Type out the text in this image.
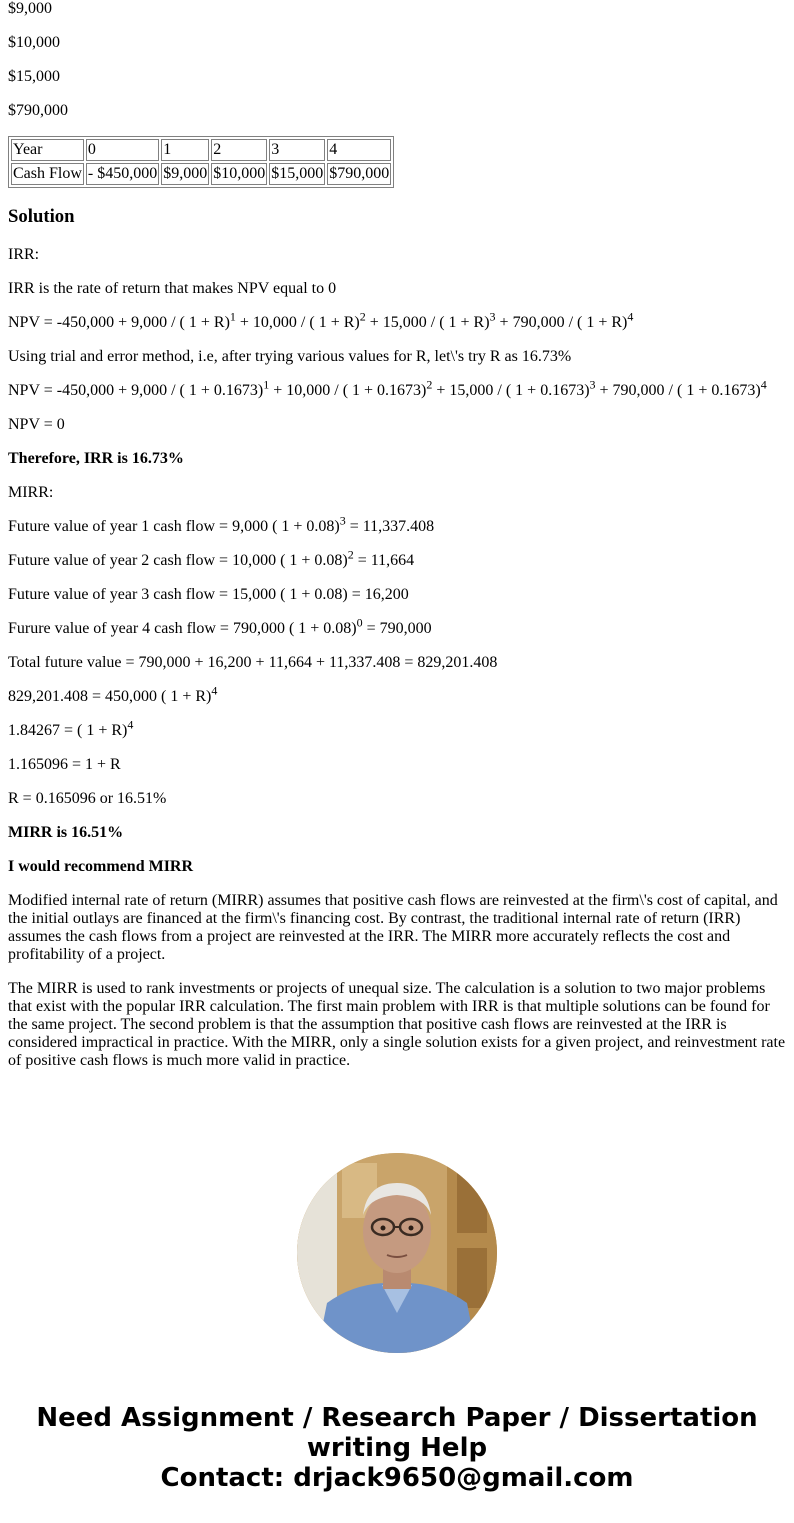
$9,000

$10,000

$15,000

$790,000

Year	0	1	2	3	4
Cash Flow	- $450,000	$9,000	$10,000	$15,000	$790,000
Solution

IRR:

IRR is the rate of return that makes NPV equal to 0

NPV = -450,000 + 9,000 / ( 1 + R)$^1$ + 10,000 / ( 1 + R)$^2$ + 15,000 / ( 1 + R)$^3$ + 790,000 / ( 1 + R)$^4$

Using trial and error method, i.e, after trying various values for R, let\'s try R as 16.73%

NPV = -450,000 + 9,000 / ( 1 + 0.1673)$^1$ + 10,000 / ( 1 + 0.1673)$^2$ + 15,000 / ( 1 + 0.1673)$^3$ + 790,000 / ( 1 + 0.1673)$^4$

NPV = 0

Therefore, IRR is 16.73%

MIRR:

Future value of year 1 cash flow = 9,000 ( 1 + 0.08)$^3$ = 11,337.408

Future value of year 2 cash flow = 10,000 ( 1 + 0.08)$^2$ = 11,664

Future value of year 3 cash flow = 15,000 ( 1 + 0.08) = 16,200

Furure value of year 4 cash flow = 790,000 ( 1 + 0.08)$^0$ = 790,000

Total future value = 790,000 + 16,200 + 11,664 + 11,337.408 = 829,201.408

829,201.408 = 450,000 ( 1 + R)$^4$

1.84267 = ( 1 + R)$^4$

1.165096 = 1 + R

R = 0.165096 or 16.51%

MIRR is 16.51%

I would recommend MIRR

Modified internal rate of return (MIRR) assumes that positive cash flows are reinvested at the firm\'s cost of capital, and the initial outlays are financed at the firm\'s financing cost. By contrast, the traditional internal rate of return (IRR) assumes the cash flows from a project are reinvested at the IRR. The MIRR more accurately reflects the cost and profitability of a project.

The MIRR is used to rank investments or projects of unequal size. The calculation is a solution to two major problems that exist with the popular IRR calculation. The first main problem with IRR is that multiple solutions can be found for the same project. The second problem is that the assumption that positive cash flows are reinvested at the IRR is considered impractical in practice. With the MIRR, only a single solution exists for a given project, and reinvestment rate of positive cash flows is much more valid in practice.

Need Assignment / Research Paper / Dissertation
writing Help
Contact: drjack9650@gmail.com
